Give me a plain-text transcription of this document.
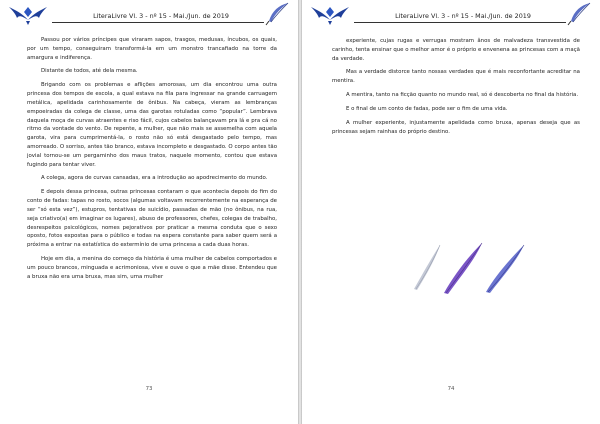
LiteraLivre Vl. 3 - nº 15 - Mai./Jun. de 2019

Passou por vários príncipes que viraram sapos, trasgos, medusas, íncubos, os quais, por um tempo, conseguiram transformá-la em um monstro trancafiado na torre da amargura e indiferença.

Distante de todos, até dela mesma.

Brigando com os problemas e aflições amorosas, um dia encontrou uma outra princesa dos tempos de escola, a qual estava na fila para ingressar na grande carruagem metálica, apelidada carinhosamente de ônibus. Na cabeça, vieram as lembranças empoeiradas da colega de classe, uma das garotas rotuladas como “popular”. Lembrava daquela moça de curvas atraentes e riso fácil, cujos cabelos balançavam pra lá e pra cá no ritmo da vontade do vento. De repente, a mulher, que não mais se assemelha com aquela garota, vira para cumprimentá-la, o rosto não só está desgastado pelo tempo, mas amorreado. O sorriso, antes tão branco, estava incompleto e desgastado. O corpo antes tão jovial tornou-se um pergaminho dos maus tratos, naquele momento, contou que estava fugindo para tentar viver.

A colega, agora de curvas cansadas, era a introdução ao apodrecimento do mundo.

E depois dessa princesa, outras princesas contaram o que acontecia depois do fim do conto de fadas: tapas no rosto, socos (algumas voltavam recorrentemente na esperança de ser “só esta vez”), estupros, tentativas de suicídio, passadas de mão (no ônibus, na rua, seja criativo(a) em imaginar os lugares), abuso de professores, chefes, colegas de trabalho, desrespeitos psicológicos, nomes pejorativos por praticar a mesma conduta que o sexo oposto, fotos expostas para o público e todas na espera constante para saber quem será a próxima a entrar na estatística do extermínio de uma princesa a cada duas horas.

Hoje em dia, a menina do começo da história é uma mulher de cabelos comportados e um pouco brancos, minguada e acrimoniosa, vive e ouve o que a mãe disse. Entendeu que a bruxa não era uma bruxa, mas sim, uma mulher

73
LiteraLivre Vl. 3 - nº 15 - Mai./Jun. de 2019

experiente, cujas rugas e verrugas mostram ânos de malvadeza transvestida de carinho, tenta ensinar que o melhor amor é o próprio e envenena as princesas com a maçã da verdade.

Mas a verdade distorce tanto nossas verdades que é mais reconfortante acreditar na mentira.

A mentira, tanto na ficção quanto no mundo real, só é descoberta no final da história.

E o final de um conto de fadas, pode ser o fim de uma vida.

A mulher experiente, injustamente apelidada como bruxa, apenas deseja que as princesas sejam rainhas do próprio destino.

74
